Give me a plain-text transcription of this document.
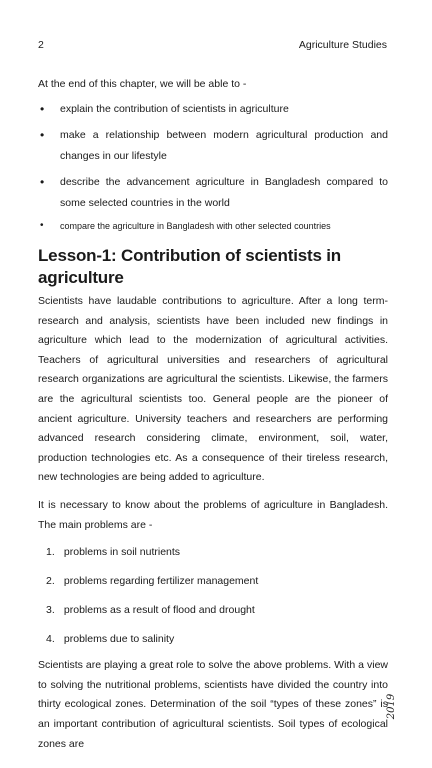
2	Agriculture Studies

At the end of this chapter, we will be able to -

• explain the contribution of scientists in agriculture
• make a relationship between modern agricultural production and changes in our lifestyle
• describe the advancement agriculture in Bangladesh compared to some selected countries in the world
• compare the agriculture in Bangladesh with other selected countries
Lesson-1: Contribution of scientists in agriculture

Scientists have laudable contributions to agriculture. After a long term- research and analysis, scientists have been included new findings in agriculture which lead to the modernization of agricultural activities. Teachers of agricultural universities and researchers of agricultural research organizations are agricultural the scientists. Likewise, the farmers are the agricultural scientists too. General people are the pioneer of ancient agriculture. University teachers and researchers are performing advanced research considering climate, environment, soil, water, production technologies etc. As a consequence of their tireless research, new technologies are being added to agriculture.

It is necessary to know about the problems of agriculture in Bangladesh. The main problems are -

1. problems in soil nutrients
2. problems regarding fertilizer management
3. problems as a result of flood and drought
4. problems due to salinity

Scientists are playing a great role to solve the above problems. With a view to solving the nutritional problems, scientists have divided the country into thirty ecological zones. Determination of the soil “types of these zones” is an important contribution of agricultural scientists. Soil types of ecological zones are

2019
